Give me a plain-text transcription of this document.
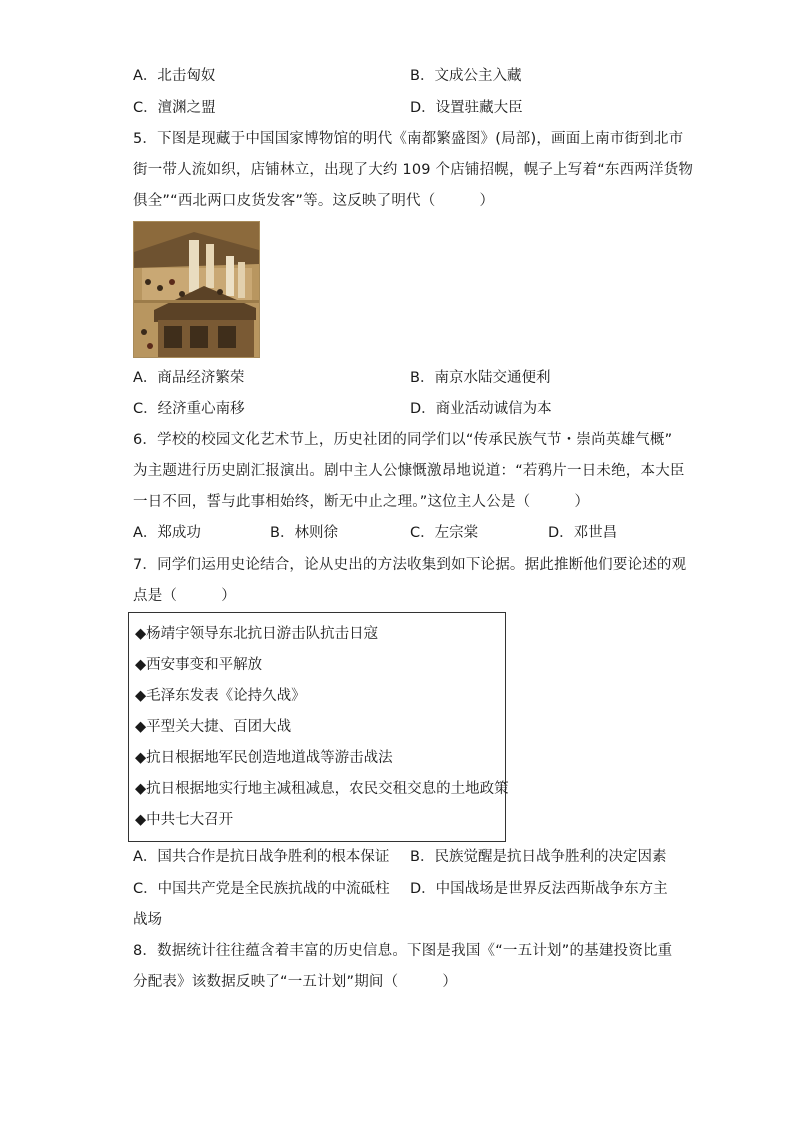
A．北击匈奴	B．文成公主入藏
C．澶渊之盟	D．设置驻藏大臣
5．下图是现藏于中国国家博物馆的明代《南都繁盛图》(局部)，画面上南市街到北市
街一带人流如织，店铺林立，出现了大约 109 个店铺招幌，幌子上写着“东西两洋货物
俱全”“西北两口皮货发客”等。这反映了明代（　　　）
A．商品经济繁荣	B．南京水陆交通便利
C．经济重心南移	D．商业活动诚信为本
6．学校的校园文化艺术节上，历史社团的同学们以“传承民族气节・崇尚英雄气概”
为主题进行历史剧汇报演出。剧中主人公慷慨激昂地说道：“若鸦片一日未绝，本大臣
一日不回，誓与此事相始终，断无中止之理。”这位主人公是（　　　）
A．郑成功	B．林则徐	C．左宗棠	D．邓世昌
7．同学们运用史论结合，论从史出的方法收集到如下论据。据此推断他们要论述的观
点是（　　　）
◆杨靖宇领导东北抗日游击队抗击日寇
◆西安事变和平解放
◆毛泽东发表《论持久战》
◆平型关大捷、百团大战
◆抗日根据地军民创造地道战等游击战法
◆抗日根据地实行地主减租减息，农民交租交息的土地政策
◆中共七大召开
A．国共合作是抗日战争胜利的根本保证 B．民族觉醒是抗日战争胜利的决定因素
C．中国共产党是全民族抗战的中流砥柱 D．中国战场是世界反法西斯战争东方主
战场
8．数据统计往往蕴含着丰富的历史信息。下图是我国《“一五计划”的基建投资比重
分配表》该数据反映了“一五计划”期间（　　　）
